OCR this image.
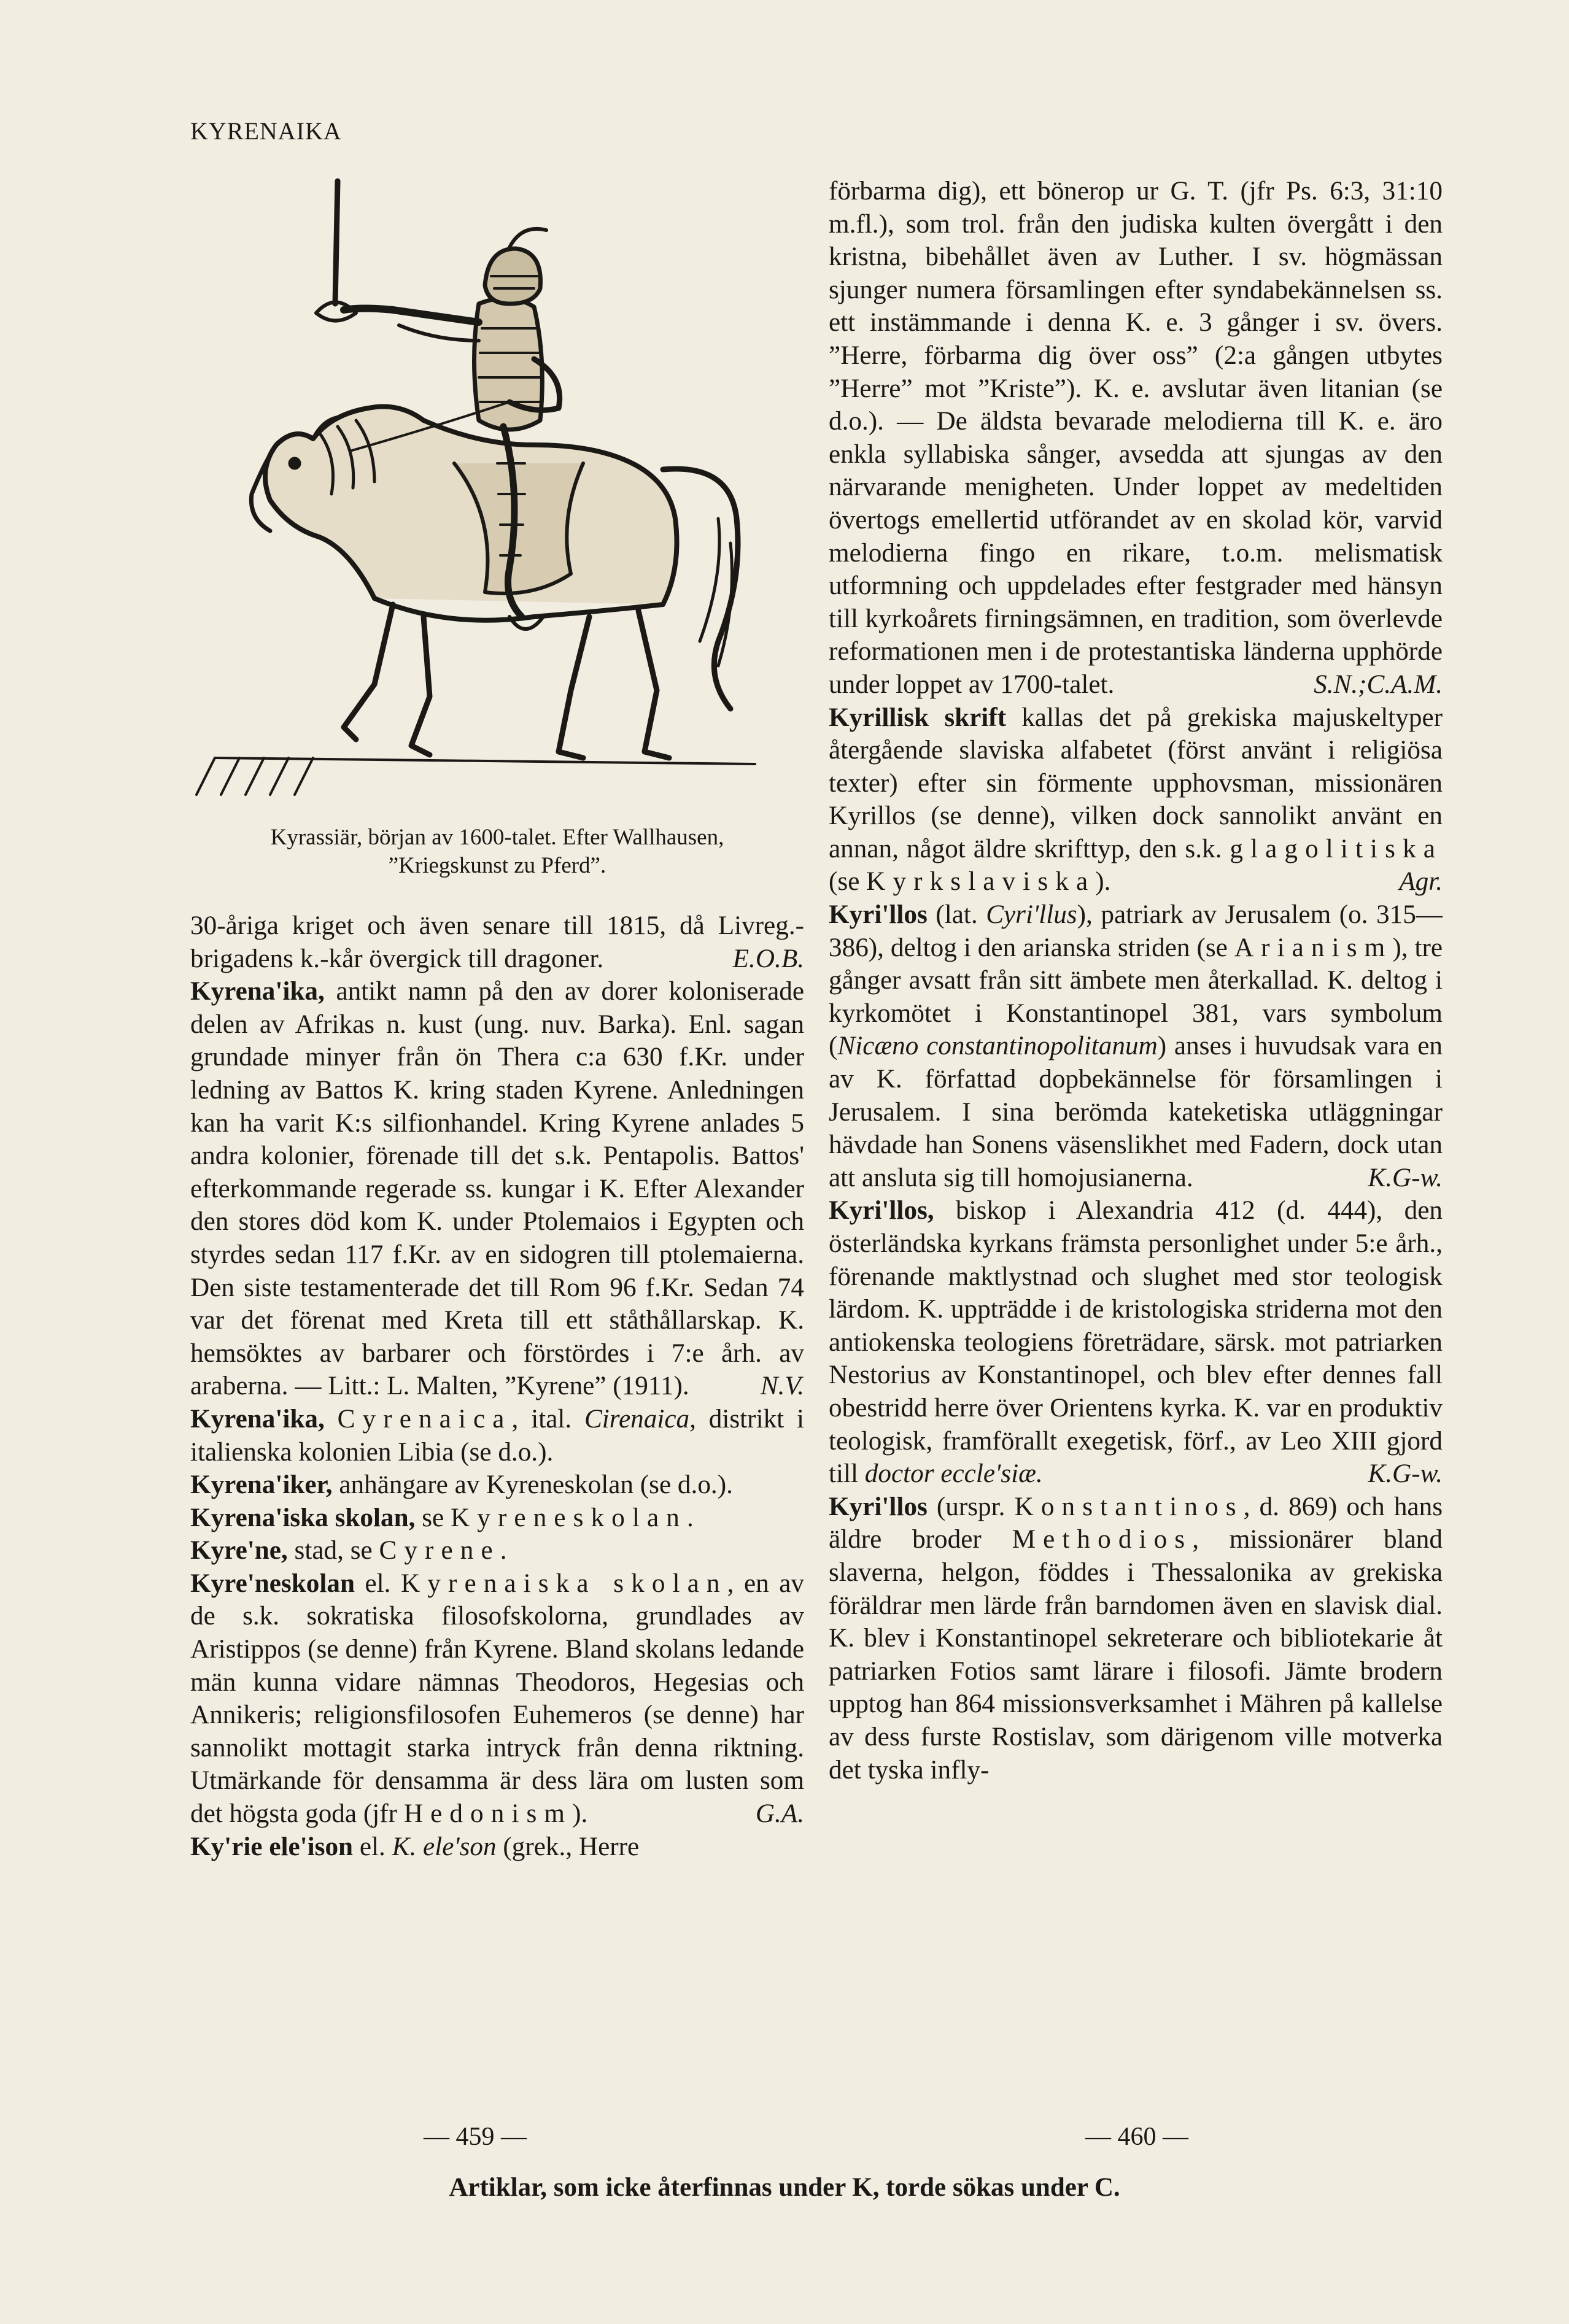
KYRENAIKA
Kyrassiär, början av 1600-talet. Efter Wallhausen, ”Kriegskunst zu Pferd”.

30-åriga kriget och även senare till 1815, då Livreg.-brigadens k.-kår övergick till dragoner.	E.O.B.

Kyrena'ika, antikt namn på den av dorer koloniserade delen av Afrikas n. kust (ung. nuv. Barka). Enl. sagan grundade minyer från ön Thera c:a 630 f.Kr. under ledning av Battos K. kring staden Kyrene. Anledningen kan ha varit K:s silfionhandel. Kring Kyrene anlades 5 andra kolonier, förenade till det s.k. Pentapolis. Battos' efterkommande regerade ss. kungar i K. Efter Alexander den stores död kom K. under Ptolemaios i Egypten och styrdes sedan 117 f.Kr. av en sidogren till ptolemaierna. Den siste testamenterade det till Rom 96 f.Kr. Sedan 74 var det förenat med Kreta till ett ståthållarskap. K. hemsöktes av barbarer och förstördes i 7:e årh. av araberna. — Litt.: L. Malten, ”Kyrene” (1911).	N.V.

Kyrena'ika, Cyrenaica, ital. Cirenaica, distrikt i italienska kolonien Libia (se d.o.).

Kyrena'iker, anhängare av Kyreneskolan (se d.o.).

Kyrena'iska skolan, se Kyreneskolan.

Kyre'ne, stad, se Cyrene.

Kyre'neskolan el. Kyrenaiska skolan, en av de s.k. sokratiska filosofskolorna, grundlades av Aristippos (se denne) från Kyrene. Bland skolans ledande män kunna vidare nämnas Theodoros, Hegesias och Annikeris; religionsfilosofen Euhemeros (se denne) har sannolikt mottagit starka intryck från denna riktning. Utmärkande för densamma är dess lära om lusten som det högsta goda (jfr Hedonism).	G.A.

Ky'rie ele'ison el. K. ele'son (grek., Herre

förbarma dig), ett bönerop ur G. T. (jfr Ps. 6:3, 31:10 m.fl.), som trol. från den judiska kulten övergått i den kristna, bibehållet även av Luther. I sv. högmässan sjunger numera församlingen efter syndabekännelsen ss. ett instämmande i denna K. e. 3 gånger i sv. övers. ”Herre, förbarma dig över oss” (2:a gången utbytes ”Herre” mot ”Kriste”). K. e. avslutar även litanian (se d.o.). — De äldsta bevarade melodierna till K. e. äro enkla syllabiska sånger, avsedda att sjungas av den närvarande menigheten. Under loppet av medeltiden övertogs emellertid utförandet av en skolad kör, varvid melodierna fingo en rikare, t.o.m. melismatisk utformning och uppdelades efter festgrader med hänsyn till kyrkoårets firningsämnen, en tradition, som överlevde reformationen men i de protestantiska länderna upphörde under loppet av 1700-talet.	S.N.;C.A.M.

Kyrillisk skrift kallas det på grekiska majuskeltyper återgående slaviska alfabetet (först använt i religiösa texter) efter sin förmente upphovsman, missionären Kyrillos (se denne), vilken dock sannolikt använt en annan, något äldre skrifttyp, den s.k. glagolitiska (se Kyrkslaviska).	Agr.

Kyri'llos (lat. Cyri'llus), patriark av Jerusalem (o. 315—386), deltog i den arianska striden (se Arianism), tre gånger avsatt från sitt ämbete men återkallad. K. deltog i kyrkomötet i Konstantinopel 381, vars symbolum (Nicæno constantinopolitanum) anses i huvudsak vara en av K. författad dopbekännelse för församlingen i Jerusalem. I sina berömda kateketiska utläggningar hävdade han Sonens väsenslikhet med Fadern, dock utan att ansluta sig till homojusianerna.	K.G-w.

Kyri'llos, biskop i Alexandria 412 (d. 444), den österländska kyrkans främsta personlighet under 5:e årh., förenande maktlystnad och slughet med stor teologisk lärdom. K. uppträdde i de kristologiska striderna mot den antiokenska teologiens företrädare, särsk. mot patriarken Nestorius av Konstantinopel, och blev efter dennes fall obestridd herre över Orientens kyrka. K. var en produktiv teologisk, framförallt exegetisk, förf., av Leo XIII gjord till doctor eccle'siæ.	K.G-w.

Kyri'llos (urspr. Konstantinos, d. 869) och hans äldre broder Methodios, missionärer bland slaverna, helgon, föddes i Thessalonika av grekiska föräldrar men lärde från barndomen även en slavisk dial. K. blev i Konstantinopel sekreterare och bibliotekarie åt patriarken Fotios samt lärare i filosofi. Jämte brodern upptog han 864 missionsverksamhet i Mähren på kallelse av dess furste Rostislav, som därigenom ville motverka det tyska infly-

— 459 —	— 460 —
Artiklar, som icke återfinnas under K, torde sökas under C.
